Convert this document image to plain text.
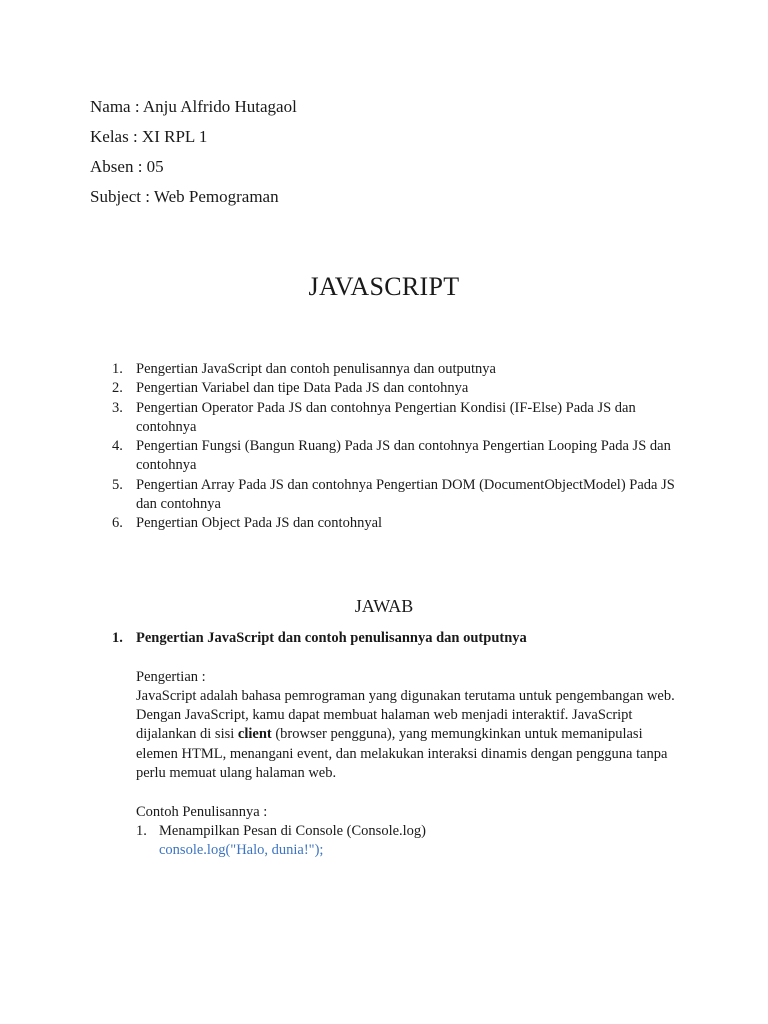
Nama : Anju Alfrido Hutagaol
Kelas : XI RPL 1
Absen : 05
Subject : Web Pemograman
JAVASCRIPT
1. Pengertian JavaScript dan contoh penulisannya dan outputnya
2. Pengertian Variabel dan tipe Data Pada JS dan contohnya
3. Pengertian Operator Pada JS dan contohnya Pengertian Kondisi (IF-Else) Pada JS dan contohnya
4. Pengertian Fungsi (Bangun Ruang) Pada JS dan contohnya Pengertian Looping Pada JS dan contohnya
5. Pengertian Array Pada JS dan contohnya Pengertian DOM (DocumentObjectModel) Pada JS dan contohnya
6. Pengertian Object Pada JS dan contohnyal
JAWAB
1. Pengertian JavaScript dan contoh penulisannya dan outputnya
Pengertian :
JavaScript adalah bahasa pemrograman yang digunakan terutama untuk pengembangan web. Dengan JavaScript, kamu dapat membuat halaman web menjadi interaktif. JavaScript dijalankan di sisi client (browser pengguna), yang memungkinkan untuk memanipulasi elemen HTML, menangani event, dan melakukan interaksi dinamis dengan pengguna tanpa perlu memuat ulang halaman web.
Contoh Penulisannya :
1. Menampilkan Pesan di Console (Console.log)
console.log("Halo, dunia!");
